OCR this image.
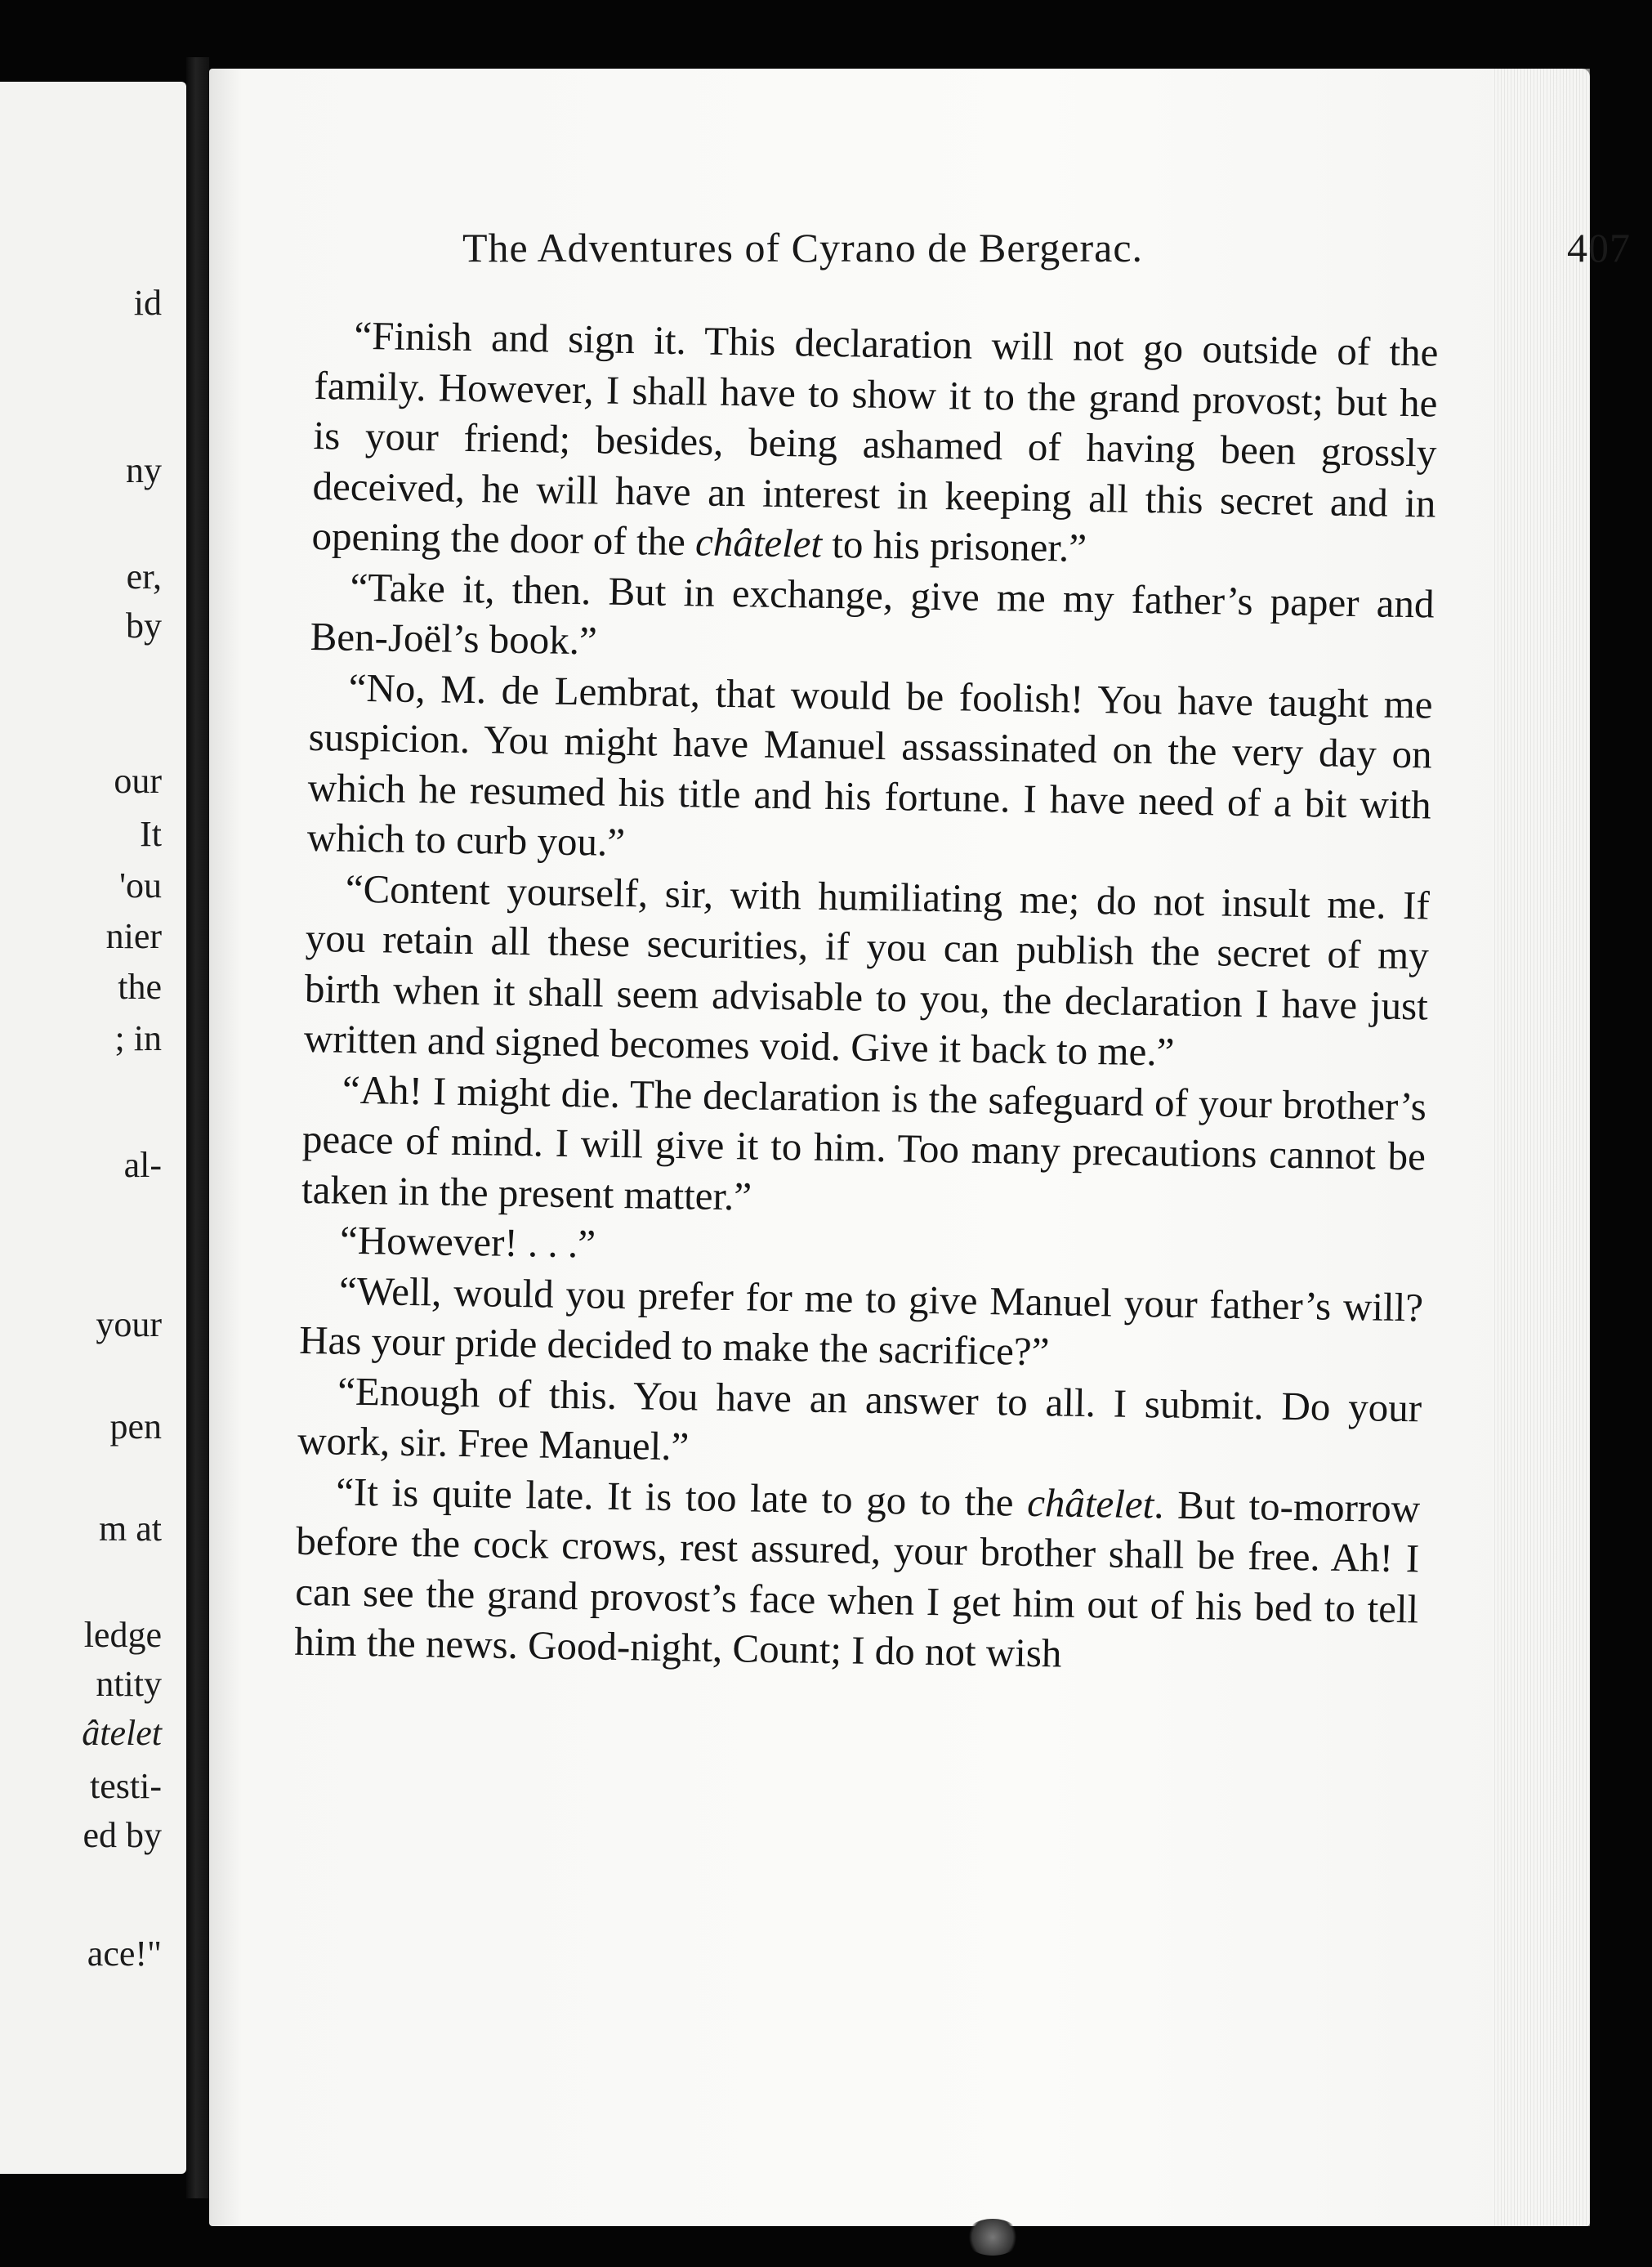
id
ny
er,
by
our
It
'ou
nier
the
; in
al-
your
pen
m at
ledge
ntity
âtelet
testi-
ed by
ace!"
The Adventures of Cyrano de Bergerac.	407

“Finish and sign it. This declaration will not go outside of the family. However, I shall have to show it to the grand provost; but he is your friend; besides, being ashamed of having been grossly deceived, he will have an interest in keeping all this secret and in opening the door of the châtelet to his prisoner.”

“Take it, then. But in exchange, give me my father’s paper and Ben-Joël’s book.”

“No, M. de Lembrat, that would be foolish! You have taught me suspicion. You might have Manuel assassinated on the very day on which he resumed his title and his fortune. I have need of a bit with which to curb you.”

“Content yourself, sir, with humiliating me; do not insult me. If you retain all these securities, if you can publish the secret of my birth when it shall seem advisable to you, the declaration I have just written and signed becomes void. Give it back to me.”

“Ah! I might die. The declaration is the safeguard of your brother’s peace of mind. I will give it to him. Too many precautions cannot be taken in the present matter.”

“However! . . .”

“Well, would you prefer for me to give Manuel your father’s will? Has your pride decided to make the sacrifice?”

“Enough of this. You have an answer to all. I submit. Do your work, sir. Free Manuel.”

“It is quite late. It is too late to go to the châtelet. But to-morrow before the cock crows, rest assured, your brother shall be free. Ah! I can see the grand provost’s face when I get him out of his bed to tell him the news. Good-night, Count; I do not wish
